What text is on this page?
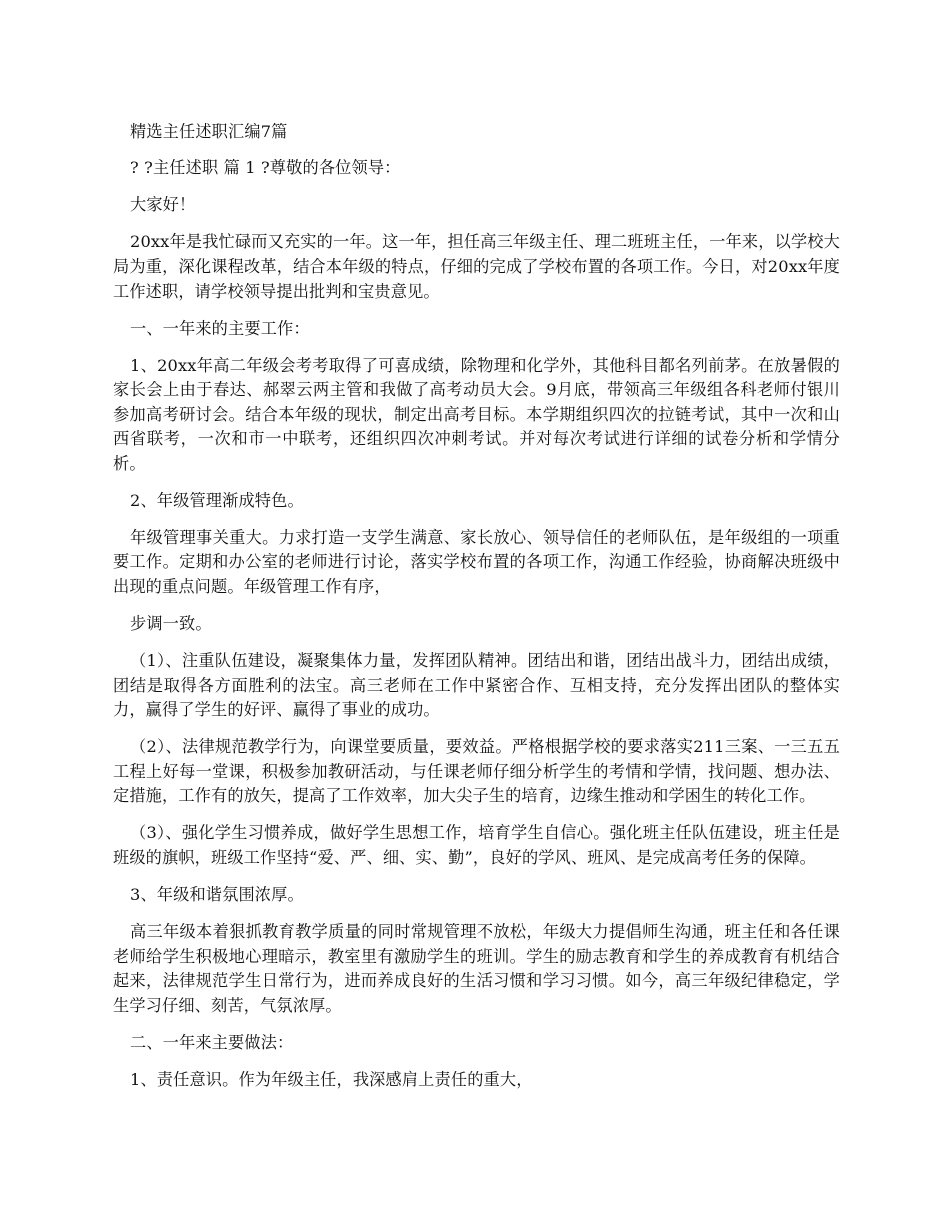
精选主任述职汇编7篇

? ?主任述职 篇 1 ?尊敬的各位领导：

大家好！

20xx年是我忙碌而又充实的一年。这一年，担任高三年级主任、理二班班主任，一年来，以学校大局为重，深化课程改革，结合本年级的特点，仔细的完成了学校布置的各项工作。今日，对20xx年度工作述职，请学校领导提出批判和宝贵意见。

一、一年来的主要工作：

1、20xx年高二年级会考考取得了可喜成绩，除物理和化学外，其他科目都名列前茅。在放暑假的家长会上由于春达、郝翠云两主管和我做了高考动员大会。9月底，带领高三年级组各科老师付银川参加高考研讨会。结合本年级的现状，制定出高考目标。本学期组织四次的拉链考试，其中一次和山西省联考，一次和市一中联考，还组织四次冲刺考试。并对每次考试进行详细的试卷分析和学情分析。

2、年级管理渐成特色。

年级管理事关重大。力求打造一支学生满意、家长放心、领导信任的老师队伍，是年级组的一项重要工作。定期和办公室的老师进行讨论，落实学校布置的各项工作，沟通工作经验，协商解决班级中出现的重点问题。年级管理工作有序，

步调一致。

（1）、注重队伍建设，凝聚集体力量，发挥团队精神。团结出和谐，团结出战斗力，团结出成绩，团结是取得各方面胜利的法宝。高三老师在工作中紧密合作、互相支持，充分发挥出团队的整体实力，赢得了学生的好评、赢得了事业的成功。

（2）、法律规范教学行为，向课堂要质量，要效益。严格根据学校的要求落实211三案、一三五五工程上好每一堂课，积极参加教研活动，与任课老师仔细分析学生的考情和学情，找问题、想办法、定措施，工作有的放矢，提高了工作效率，加大尖子生的培育，边缘生推动和学困生的转化工作。

（3）、强化学生习惯养成，做好学生思想工作，培育学生自信心。强化班主任队伍建设，班主任是班级的旗帜，班级工作坚持“爱、严、细、实、勤”，良好的学风、班风、是完成高考任务的保障。

3、年级和谐氛围浓厚。

高三年级本着狠抓教育教学质量的同时常规管理不放松，年级大力提倡师生沟通，班主任和各任课老师给学生积极地心理暗示，教室里有激励学生的班训。学生的励志教育和学生的养成教育有机结合起来，法律规范学生日常行为，进而养成良好的生活习惯和学习习惯。如今，高三年级纪律稳定，学生学习仔细、刻苦，气氛浓厚。

二、一年来主要做法：

1、责任意识。作为年级主任，我深感肩上责任的重大，
